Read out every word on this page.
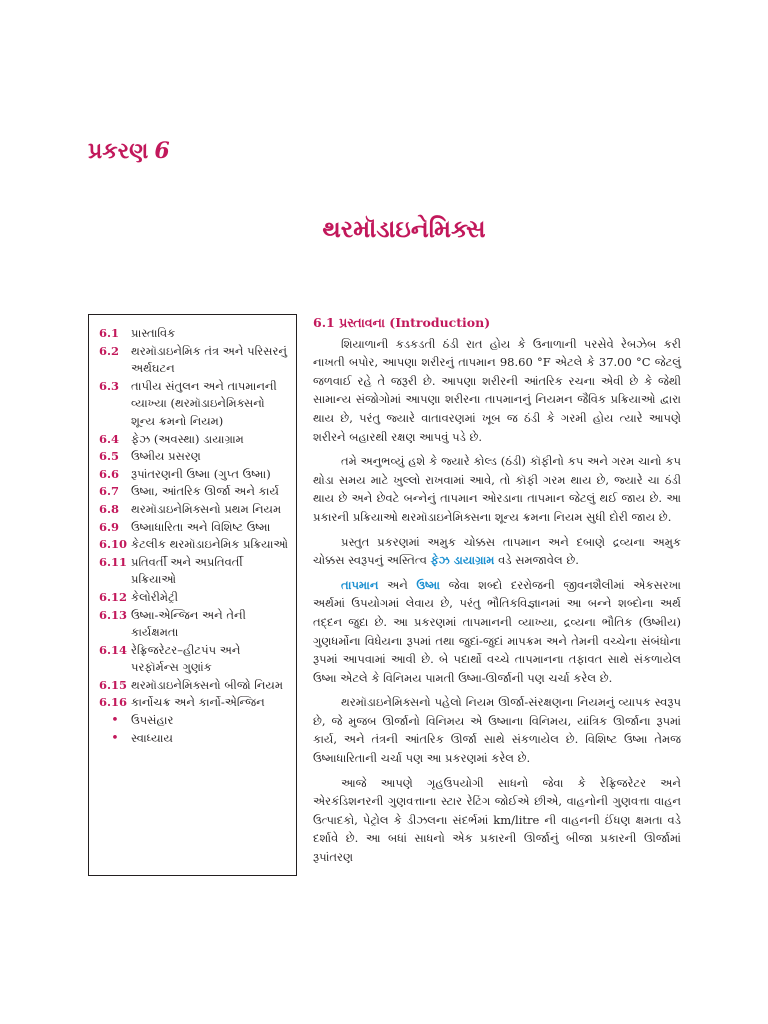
પ્રકરણ 6
થરમૉડાઇનેમિક્સ
6.1	પ્રાસ્તાવિક
6.2	થરમૉડાઇનેમિક તંત્ર અને પરિસરનું અર્થઘટન
6.3	તાપીય સંતુલન અને તાપમાનની વ્યાખ્યા (થરમૉડાઇનેમિક્સનો શૂન્ય ક્રમનો નિયમ)
6.4	ફેઝ (અવસ્થા) ડાયાગ્રામ
6.5	ઉષ્મીય પ્રસરણ
6.6	રૂપાંતરણની ઉષ્મા (ગુપ્ત ઉષ્મા)
6.7	ઉષ્મા, આંતરિક ઊર્જા અને કાર્ય
6.8	થરમૉડાઇનેમિક્સનો પ્રથમ નિયમ
6.9	ઉષ્માધારિતા અને વિશિષ્ટ ઉષ્મા
6.10 કેટલીક થરમૉડાઇનેમિક પ્રક્રિયાઓ
6.11 પ્રતિવર્તી અને અપ્રતિવર્તી પ્રક્રિયાઓ
6.12 કેલોરીમેટ્રી
6.13 ઉષ્મા-એન્જિન અને તેની કાર્યક્ષમતા
6.14 રેફ્રિજરેટર–હીટપંપ અને પરફૉર્મન્સ ગુણાંક
6.15 થરમૉડાઇનેમિક્સનો બીજો નિયમ
6.16 કાર્નોચક્ર અને કાર્નો-એન્જિન
•	ઉપસંહાર
•	સ્વાધ્યાય
6.1 પ્રસ્તાવના (Introduction)

શિયાળાની કડકડતી ઠંડી રાત હોય કે ઉનાળાની પરસેવે રેબઝેબ કરી નાખતી બપોર, આપણા શરીરનું તાપમાન 98.60 °F એટલે કે 37.00 °C જેટલું જળવાઈ રહે તે જરૂરી છે. આપણા શરીરની આંતરિક રચના એવી છે કે જેથી સામાન્ય સંજોગોમાં આપણા શરીરના તાપમાનનું નિયમન જૈવિક પ્રક્રિયાઓ દ્વારા થાય છે, પરંતુ જ્યારે વાતાવરણમાં ખૂબ જ ઠંડી કે ગરમી હોય ત્યારે આપણે શરીરને બહારથી રક્ષણ આપવું પડે છે.

તમે અનુભવ્યું હશે કે જ્યારે કોલ્ડ (ઠંડી) કૉફીનો કપ અને ગરમ ચાનો કપ થોડા સમય માટે ખુલ્લો રાખવામાં આવે, તો કૉફી ગરમ થાય છે, જ્યારે ચા ઠંડી થાય છે અને છેવટે બન્નેનું તાપમાન ઓરડાના તાપમાન જેટલું થઈ જાય છે. આ પ્રકારની પ્રક્રિયાઓ થરમૉડાઇનેમિક્સના શૂન્ય ક્રમના નિયમ સુધી દોરી જાય છે.

પ્રસ્તુત પ્રકરણમાં અમુક ચોક્કસ તાપમાન અને દબાણે દ્રવ્યના અમુક ચોક્કસ સ્વરૂપનું અસ્તિત્વ ફેઝ ડાયાગ્રામ વડે સમજાવેલ છે.

તાપમાન અને ઉષ્મા જેવા શબ્દો દરરોજની જીવનશૈલીમાં એકસરખા અર્થમાં ઉપયોગમાં લેવાય છે, પરંતુ ભૌતિકવિજ્ઞાનમાં આ બન્ને શબ્દોના અર્થ તદ્દન જુદા છે. આ પ્રકરણમાં તાપમાનની વ્યાખ્યા, દ્રવ્યના ભૌતિક (ઉષ્મીય) ગુણધર્મોના વિધેયના રૂપમાં તથા જુદાં-જુદાં માપક્રમ અને તેમની વચ્ચેના સંબંધોના રૂપમાં આપવામાં આવી છે. બે પદાર્થો વચ્ચે તાપમાનના તફાવત સાથે સંકળાયેલ ઉષ્મા એટલે કે વિનિમય પામતી ઉષ્મા-ઊર્જાની પણ ચર્ચા કરેલ છે.

થરમૉડાઇનેમિક્સનો પહેલો નિયમ ઊર્જા-સંરક્ષણના નિયમનું વ્યાપક સ્વરૂપ છે, જે મુજબ ઊર્જાનો વિનિમય એ ઉષ્માના વિનિમય, યાંત્રિક ઊર્જાના રૂપમાં કાર્ય, અને તંત્રની આંતરિક ઊર્જા સાથે સંકળાયેલ છે. વિશિષ્ટ ઉષ્મા તેમજ ઉષ્માધારિતાની ચર્ચા પણ આ પ્રકરણમાં કરેલ છે.

આજે આપણે ગૃહઉપયોગી સાધનો જેવા કે રેફ્રિજરેટર અને એરકંડિશનરની ગુણવત્તાના સ્ટાર રેટિંગ જોઈએ છીએ, વાહનોની ગુણવત્તા વાહન ઉત્પાદકો, પેટ્રોલ કે ડીઝલના સંદર્ભમાં km/litre ની વાહનની ઈંધણ ક્ષમતા વડે દર્શાવે છે. આ બધાં સાધનો એક પ્રકારની ઊર્જાનું બીજા પ્રકારની ઊર્જામાં રૂપાંતરણ
